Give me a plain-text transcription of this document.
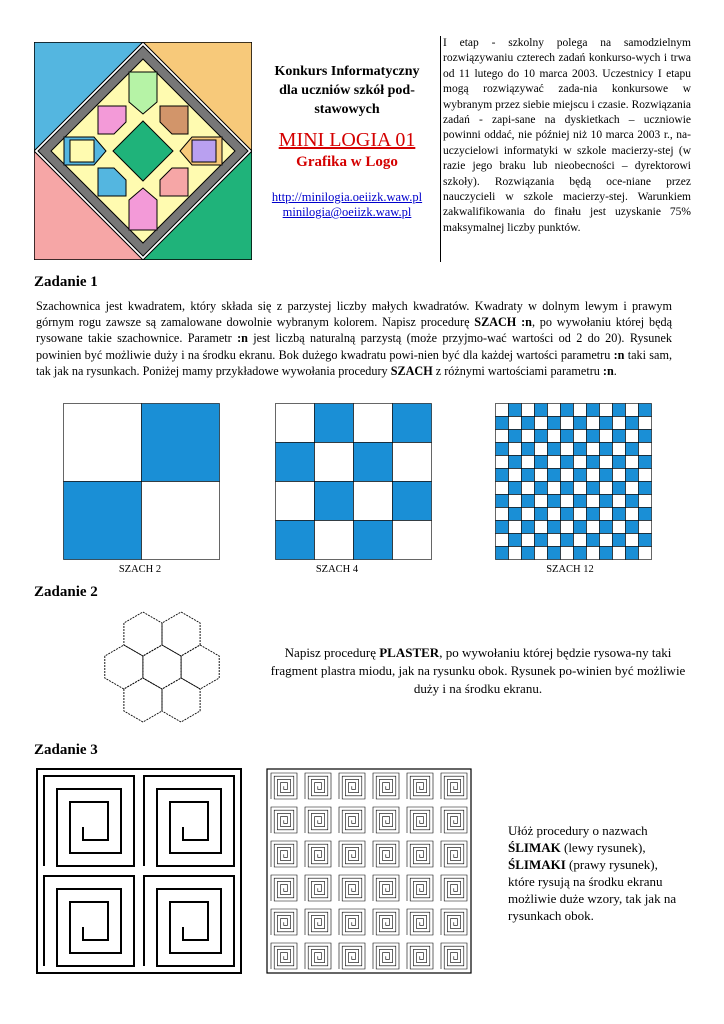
Konkurs Informatyczny
dla uczniów szkół pod-
stawowych
MINI LOGIA 01
Grafika w Logo
http://minilogia.oeiizk.waw.pl
minilogia@oeiizk.waw.pl
I etap - szkolny polega na samodzielnym rozwiązywaniu czterech zadań konkurso-wych i trwa od 11 lutego do 10 marca 2003. Uczestnicy I etapu mogą rozwiązywać zada-nia konkursowe w wybranym przez siebie miejscu i czasie. Rozwiązania zadań - zapi-sane na dyskietkach – uczniowie powinni oddać, nie później niż 10 marca 2003 r., na-uczycielowi informatyki w szkole macierzy-stej (w razie jego braku lub nieobecności – dyrektorowi szkoły). Rozwiązania będą oce-niane przez nauczycieli w szkole macierzy-stej. Warunkiem zakwalifikowania do finału jest uzyskanie 75% maksymalnej liczby punktów.
Zadanie 1
Szachownica jest kwadratem, który składa się z parzystej liczby małych kwadratów. Kwadraty w dolnym lewym i prawym górnym rogu zawsze są zamalowane dowolnie wybranym kolorem. Napisz procedurę SZACH :n, po wywołaniu której będą rysowane takie szachownice. Parametr :n jest liczbą naturalną parzystą (może przyjmo-wać wartości od 2 do 20). Rysunek powinien być możliwie duży i na środku ekranu. Bok dużego kwadratu powi-nien być dla każdej wartości parametru :n taki sam, tak jak na rysunkach. Poniżej mamy przykładowe wywołania procedury SZACH z różnymi wartościami parametru :n.
SZACH 2	SZACH 4	SZACH 12
Zadanie 2
Napisz procedurę PLASTER, po wywołaniu której będzie rysowa-ny taki fragment plastra miodu, jak na rysunku obok. Rysunek po-winien być możliwie duży i na środku ekranu.
Zadanie 3
Ułóż procedury o nazwach ŚLIMAK (lewy rysunek), ŚLIMAKI (prawy rysunek), które rysują na środku ekranu możliwie duże wzory, tak jak na rysunkach obok.
